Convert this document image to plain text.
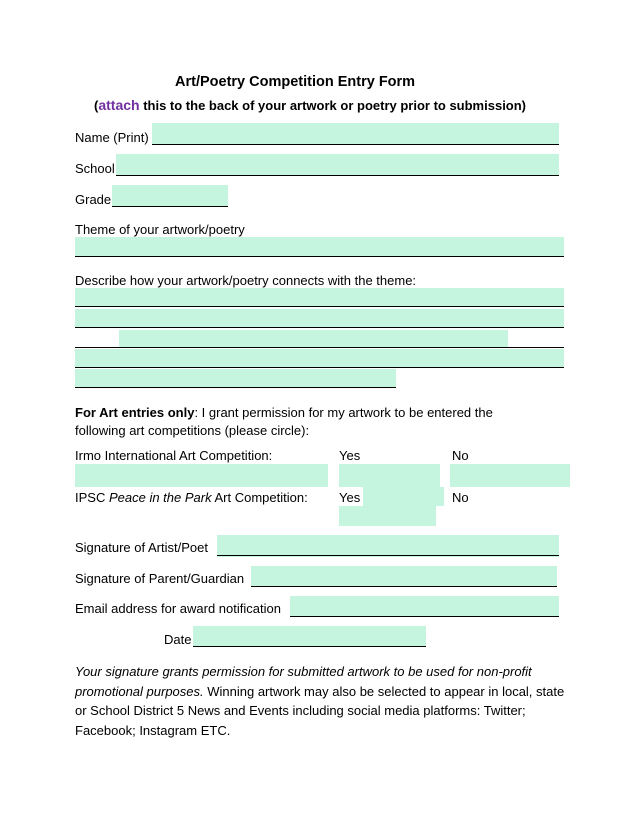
Art/Poetry Competition Entry Form
(attach this to the back of your artwork or poetry prior to submission)
Name (Print)
School
Grade
Theme of your artwork/poetry
Describe how your artwork/poetry connects with the theme:
For Art entries only: I grant permission for my artwork to be entered the
following art competitions (please circle):
Irmo International Art Competition:	Yes	No
IPSC Peace in the Park Art Competition: Yes	No
Signature of Artist/Poet
Signature of Parent/Guardian
Email address for award notification
Date
Your signature grants permission for submitted artwork to be used for non-profit promotional purposes. Winning artwork may also be selected to appear in local, state or School District 5 News and Events including social media platforms: Twitter; Facebook; Instagram ETC.
